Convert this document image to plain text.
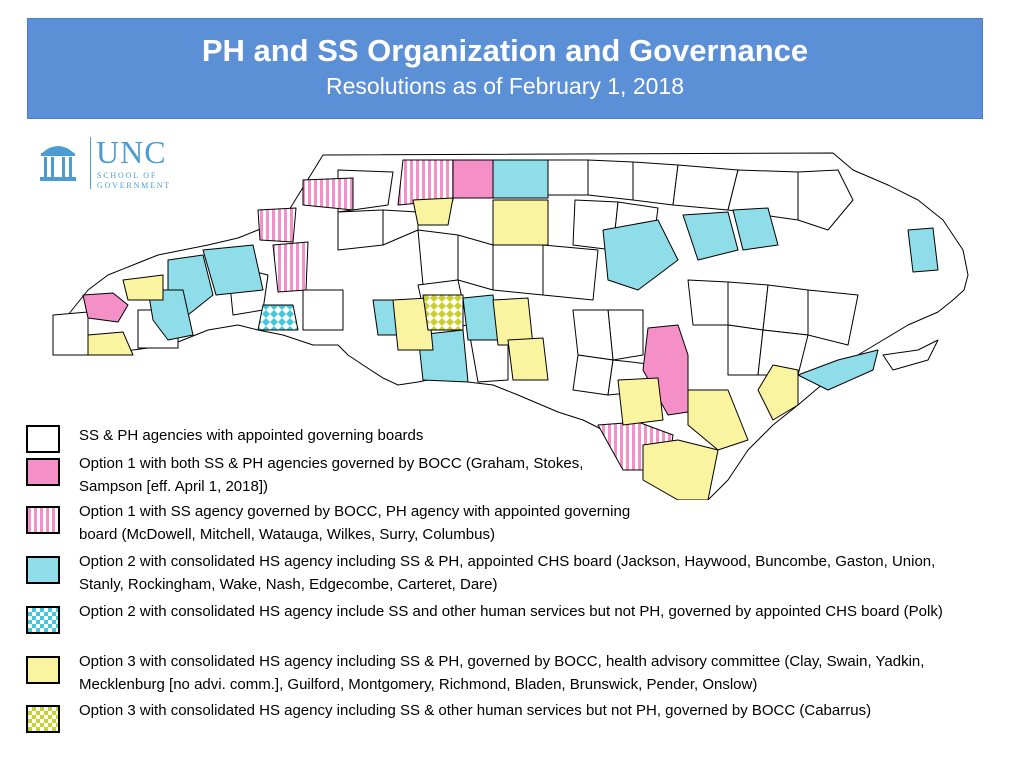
PH and SS Organization and Governance
Resolutions as of February 1, 2018
UNC
SCHOOL OF
GOVERNMENT
SS & PH agencies with appointed governing boards
Option 1 with both SS & PH agencies governed by BOCC (Graham, Stokes, Sampson [eff. April 1, 2018])
Option 1 with SS agency governed by BOCC, PH agency with appointed governing board (McDowell, Mitchell, Watauga, Wilkes, Surry, Columbus)
Option 2 with consolidated HS agency including SS & PH, appointed CHS board (Jackson, Haywood, Buncombe, Gaston, Union, Stanly, Rockingham, Wake, Nash, Edgecombe, Carteret, Dare)
Option 2 with consolidated HS agency include SS and other human services but not PH, governed by appointed CHS board (Polk)
Option 3 with consolidated HS agency including SS & PH, governed by BOCC, health advisory committee (Clay, Swain, Yadkin, Mecklenburg [no advi. comm.], Guilford, Montgomery, Richmond, Bladen, Brunswick, Pender, Onslow)
Option 3 with consolidated HS agency including SS & other human services but not PH, governed by BOCC (Cabarrus)
